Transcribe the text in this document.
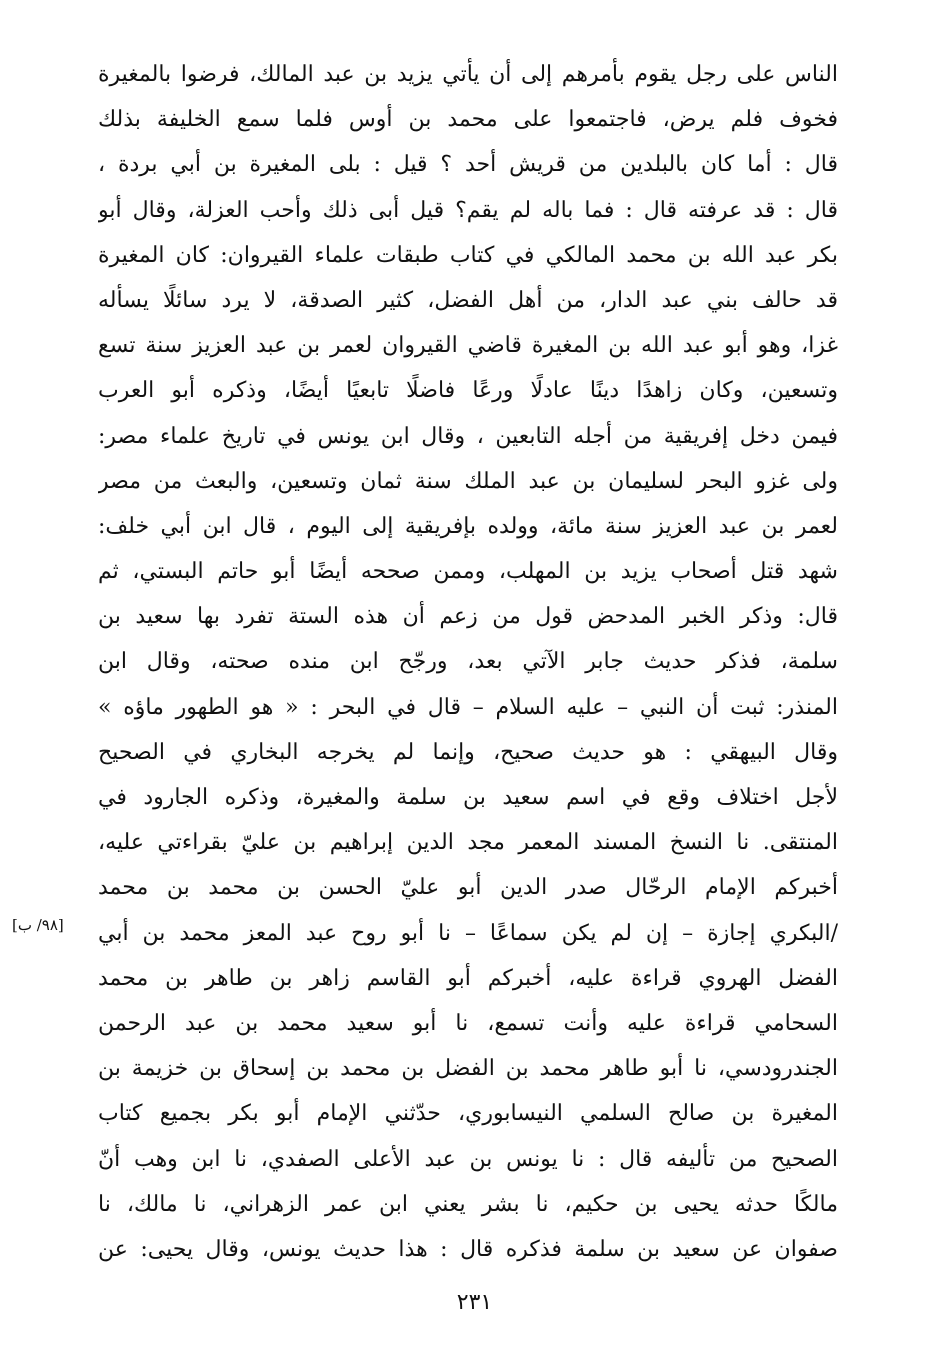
الناس على رجل يقوم بأمرهم إلى أن يأتي يزيد بن عبد المالك، فرضوا بالمغيرة
فخوف فلم يرض، فاجتمعوا على محمد بن أوس فلما سمع الخليفة بذلك
قال : أما كان بالبلدين من قريش أحد ؟ قيل : بلى المغيرة بن أبي بردة ،
قال : قد عرفته قال : فما باله لم يقم؟ قيل أبى ذلك وأحب العزلة، وقال أبو
بكر عبد الله بن محمد المالكي في كتاب طبقات علماء القيروان: كان المغيرة
قد حالف بني عبد الدار، من أهل الفضل، كثير الصدقة، لا يرد سائلًا يسأله
غزا، وهو أبو عبد الله بن المغيرة قاضي القيروان لعمر بن عبد العزيز سنة تسع
وتسعين، وكان زاهدًا دينًا عادلًا ورعًا فاضلًا تابعيًا أيضًا، وذكره أبو العرب
فيمن دخل إفريقية من أجله التابعين ، وقال ابن يونس في تاريخ علماء مصر:
ولى غزو البحر لسليمان بن عبد الملك سنة ثمان وتسعين، والبعث من مصر
لعمر بن عبد العزيز سنة مائة، وولده بإفريقية إلى اليوم ، قال ابن أبي خلف:
شهد قتل أصحاب يزيد بن المهلب، وممن صححه أيضًا أبو حاتم البستي، ثم
قال: وذكر الخبر المدحض قول من زعم أن هذه الستة تفرد بها سعيد بن
سلمة، فذكر حديث جابر الآتي بعد، ورجّح ابن منده صحته، وقال ابن
المنذر: ثبت أن النبي – عليه السلام – قال في البحر : « هو الطهور ماؤه »
وقال البيهقي : هو حديث صحيح، وإنما لم يخرجه البخاري في الصحيح
لأجل اختلاف وقع في اسم سعيد بن سلمة والمغيرة، وذكره الجارود في
المنتقى. نا النسخ المسند المعمر مجد الدين إبراهيم بن عليّ بقراءتي عليه،
أخبركم الإمام الرحّال صدر الدين أبو عليّ الحسن بن محمد بن محمد
/البكري إجازة – إن لم يكن سماعًا – نا أبو روح عبد المعز محمد بن أبي
الفضل الهروي قراءة عليه، أخبركم أبو القاسم زاهر بن طاهر بن محمد
السحامي قراءة عليه وأنت تسمع، نا أبو سعيد محمد بن عبد الرحمن
الجندرودسي، نا أبو طاهر محمد بن الفضل بن محمد بن إسحاق بن خزيمة بن
المغيرة بن صالح السلمي النيسابوري، حدّثني الإمام أبو بكر بجميع كتاب
الصحيح من تأليفه قال : نا يونس بن عبد الأعلى الصفدي، نا ابن وهب أنّ
مالكًا حدثه يحيى بن حكيم، نا بشر يعني ابن عمر الزهراني، نا مالك، نا
صفوان عن سعيد بن سلمة فذكره قال : هذا حديث يونس، وقال يحيى: عن
[٩٨/ ب]
٢٣١
